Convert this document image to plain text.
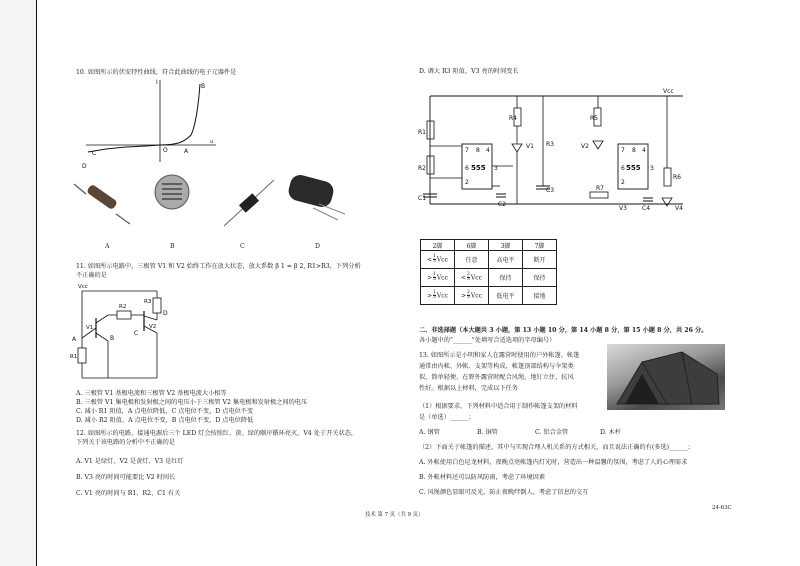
10. 如图所示的伏安特性曲线，符合此曲线的电子元器件是
I
u
O	A
B
C
D
A	B	C	D
11. 如图所示电路中，三极管 V1 和 V2 始终工作在放大状态，放大系数 β 1 = β 2, R1>R3，下列分析
不正确的是
Vcc
R3
D
V1
R2
V2
A	B
C
R1
A. 三极管 V1 基极电流和三极管 V2 基极电流大小相等
B. 三极管 V1 集电极和发射极之间的电压小于三极管 V2 集电极和发射极之间的电压
C. 减小 R1 阻值，A 点电位降低，C 点电位不变，D 点电位不变
D. 减小 R2 阻值，A 点电位不变，B 点电位不变，D 点电位降低
12. 如图所示的电路，接通电源后三个 LED 灯会按照红、黄、绿的顺序循环亮灭，V4 处于开关状态，
下列关于该电路的分析中不正确的是
A. V1 是绿灯、V2 是黄灯、V3 是红灯
B. V3 亮的时间可能要比 V2 时间长
C. V1 亮的时间与 R1、R2、C1 有关
D. 调大 R3 阻值，V3 亮的时间变长
Vcc
R1
R2
C1
R4
V1 R3
C2
R5
V2
C3	R7
V3	C4
R6
V4
555	555
7 8 4
6	3
2
7 8 4
6	3
2
2脚	6脚	3脚	7脚
< $\frac{1}{3}$ Vcc	任意	高电平	断开
> $\frac{1}{3}$ Vcc	< $\frac{2}{3}$ Vcc	保持	保持
> $\frac{1}{3}$ Vcc	> $\frac{2}{3}$ Vcc	低电平	接地
二、非选择题（本大题共 3 小题，第 13 小题 10 分，第 14 小题 8 分，第 15 小题 8 分，共 26 分。
各小题中的“______”处填写合适选项的字母编号）
13. 如图所示是小明和家人在露营时使用的户外帐篷。帐篷
通常由内帐、外帐、支架等构成，帐篷顶部结构与伞架类
似，简单轻便，在野外露营时配合风绳、地钉立住，抗风
性好。根据以上材料，完成以下任务
（1）根据要求，下列材料中适合用于制作帐篷支架的材料
是（单选）______；
A. 钢管	B. 铜管	C. 铝合金管	D. 木杆
（2）下面关于帐篷的描述，其中与实现合理人机关系的方式相关，而且说法正确的有(多选)______；
A. 外帐使用白色尼龙材料，夜晚点亮帐篷内灯光时，营造出一种温馨的氛围，考虑了人的心理需求
B. 外帐材料还可以防风防雨，考虑了环境因素
C. 风绳颜色显眼可反光，防止夜晚绊倒人。考虑了信息的交互
技术 第 7 页（共 9 页）
24-63C
